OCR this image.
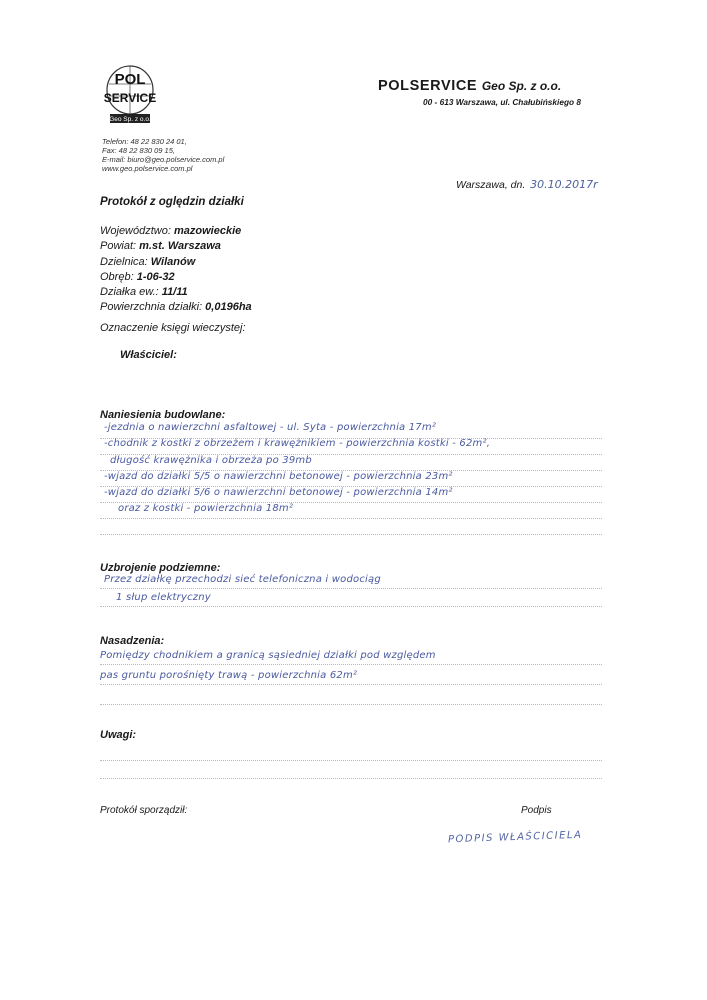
POL
SERVICE
Geo Sp. z o.o.
Telefon: 48 22 830 24 01,
Fax: 48 22 830 09 15,
E-mail: biuro@geo.polservice.com.pl
www.geo.polservice.com.pl
POLSERVICE Geo Sp. z o.o.
00 - 613 Warszawa, ul. Chałubińskiego 8
Warszawa, dn. 30.10.2017r
Protokół z oględzin działki
Województwo: mazowieckie
Powiat: m.st. Warszawa
Dzielnica: Wilanów
Obręb: 1-06-32
Działka ew.: 11/11
Powierzchnia działki: 0,0196ha
Oznaczenie księgi wieczystej:
Właściciel:
Naniesienia budowlane:
-jezdnia o nawierzchni asfaltowej - ul. Syta - powierzchnia 17m²
-chodnik z kostki z obrzeżem i krawężnikiem - powierzchnia kostki - 62m²,
długość krawężnika i obrzeża po 39mb
-wjazd do działki 5/5 o nawierzchni betonowej - powierzchnia 23m²
-wjazd do działki 5/6 o nawierzchni betonowej - powierzchnia 14m²
oraz z kostki - powierzchnia 18m²
Uzbrojenie podziemne:
Przez działkę przechodzi sieć telefoniczna i wodociąg
1 słup elektryczny
Nasadzenia:
Pomiędzy chodnikiem a granicą sąsiedniej działki pod względem
pas gruntu porośnięty trawą - powierzchnia 62m²
Uwagi:
Protokół sporządził:	Podpis
PODPIS WŁAŚCICIELA
